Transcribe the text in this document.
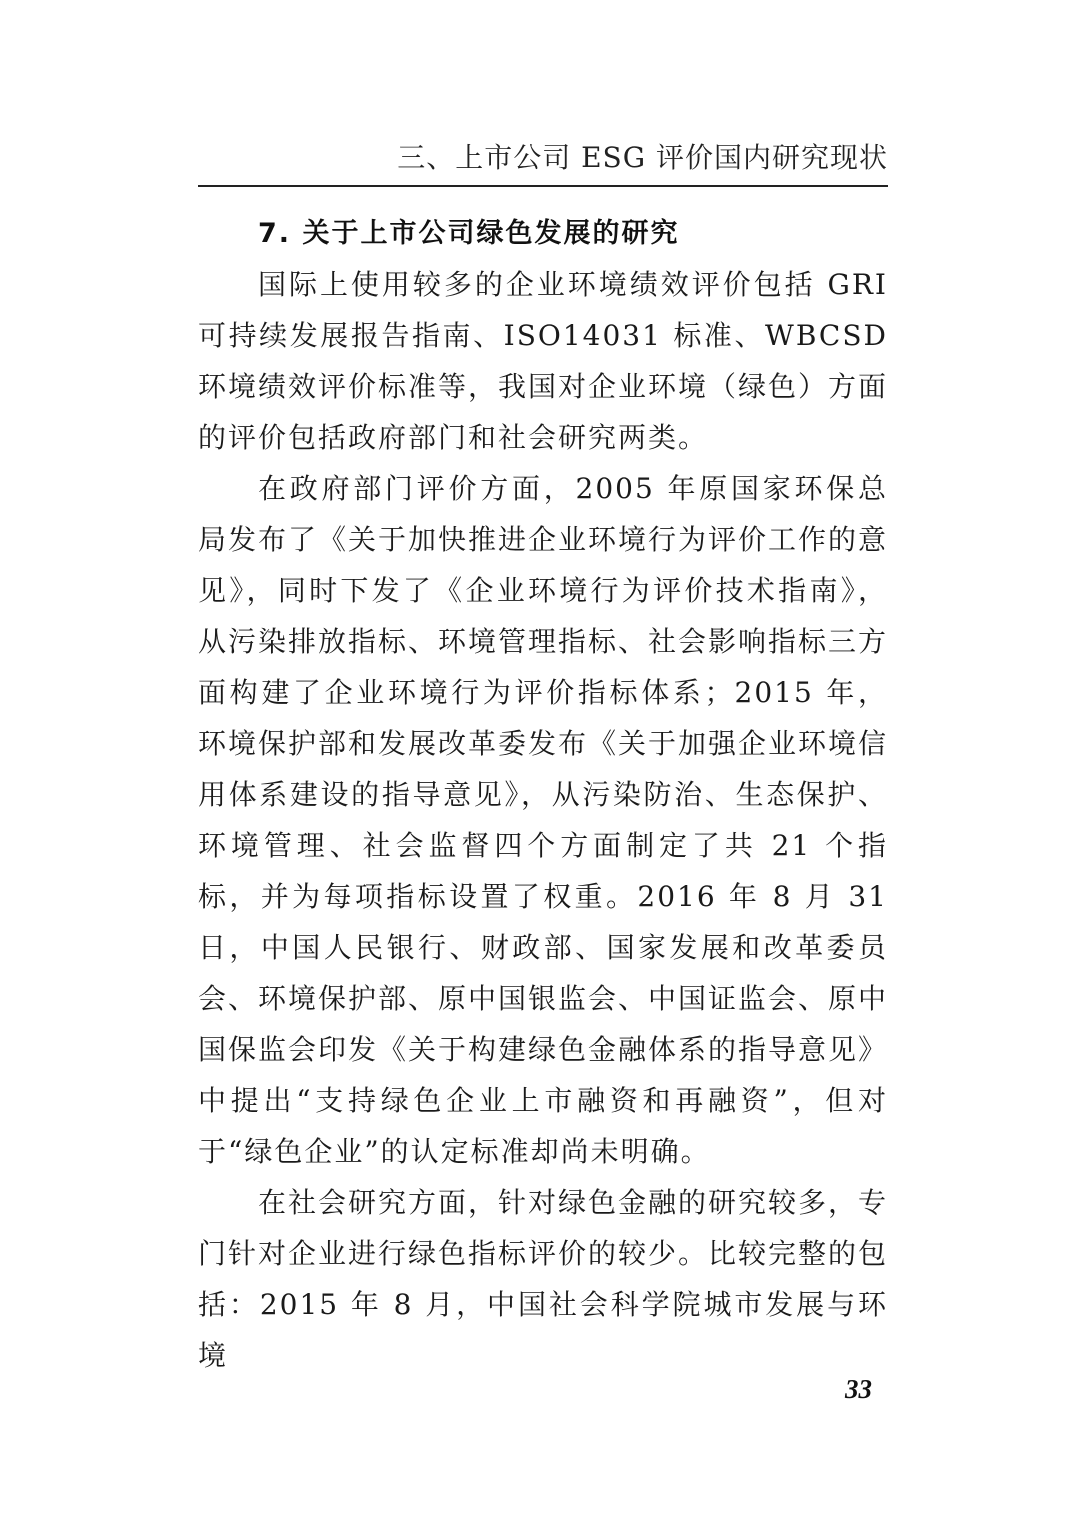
三、上市公司 ESG 评价国内研究现状
7. 关于上市公司绿色发展的研究

国际上使用较多的企业环境绩效评价包括 GRI 可持续发展报告指南、ISO14031 标准、WBCSD 环境绩效评价标准等，我国对企业环境（绿色）方面的评价包括政府部门和社会研究两类。

在政府部门评价方面，2005 年原国家环保总局发布了《关于加快推进企业环境行为评价工作的意见》，同时下发了《企业环境行为评价技术指南》，从污染排放指标、环境管理指标、社会影响指标三方面构建了企业环境行为评价指标体系；2015 年，环境保护部和发展改革委发布《关于加强企业环境信用体系建设的指导意见》，从污染防治、生态保护、环境管理、社会监督四个方面制定了共 21 个指标，并为每项指标设置了权重。2016 年 8 月 31 日，中国人民银行、财政部、国家发展和改革委员会、环境保护部、原中国银监会、中国证监会、原中国保监会印发《关于构建绿色金融体系的指导意见》中提出“支持绿色企业上市融资和再融资”，但对于“绿色企业”的认定标准却尚未明确。

在社会研究方面，针对绿色金融的研究较多，专门针对企业进行绿色指标评价的较少。比较完整的包括：2015 年 8 月，中国社会科学院城市发展与环境

33
